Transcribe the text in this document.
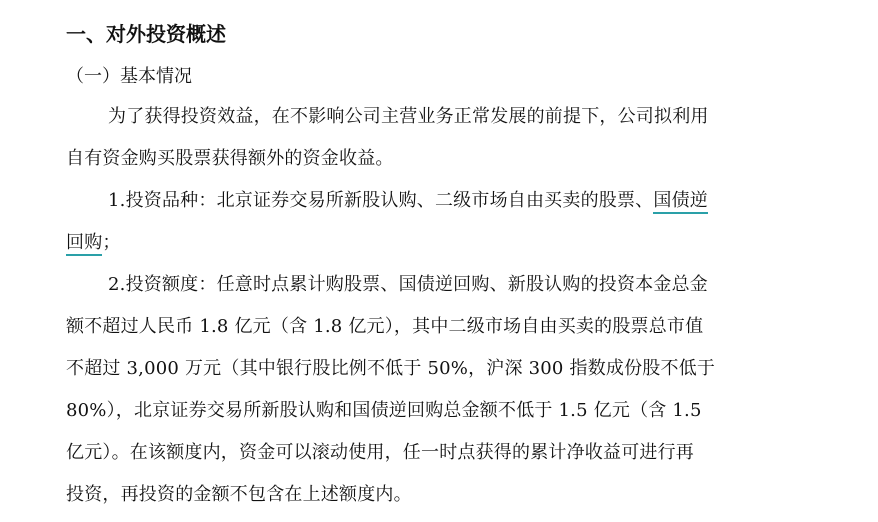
一、对外投资概述
（一）基本情况
为了获得投资效益，在不影响公司主营业务正常发展的前提下，公司拟利用
自有资金购买股票获得额外的资金收益。
1.投资品种：北京证券交易所新股认购、二级市场自由买卖的股票、国债逆
回购；
2.投资额度：任意时点累计购股票、国债逆回购、新股认购的投资本金总金
额不超过人民币 1.8 亿元（含 1.8 亿元），其中二级市场自由买卖的股票总市值
不超过 3,000 万元（其中银行股比例不低于 50%，沪深 300 指数成份股不低于
80%），北京证券交易所新股认购和国债逆回购总金额不低于 1.5 亿元（含 1.5
亿元）。在该额度内，资金可以滚动使用，任一时点获得的累计净收益可进行再
投资，再投资的金额不包含在上述额度内。
